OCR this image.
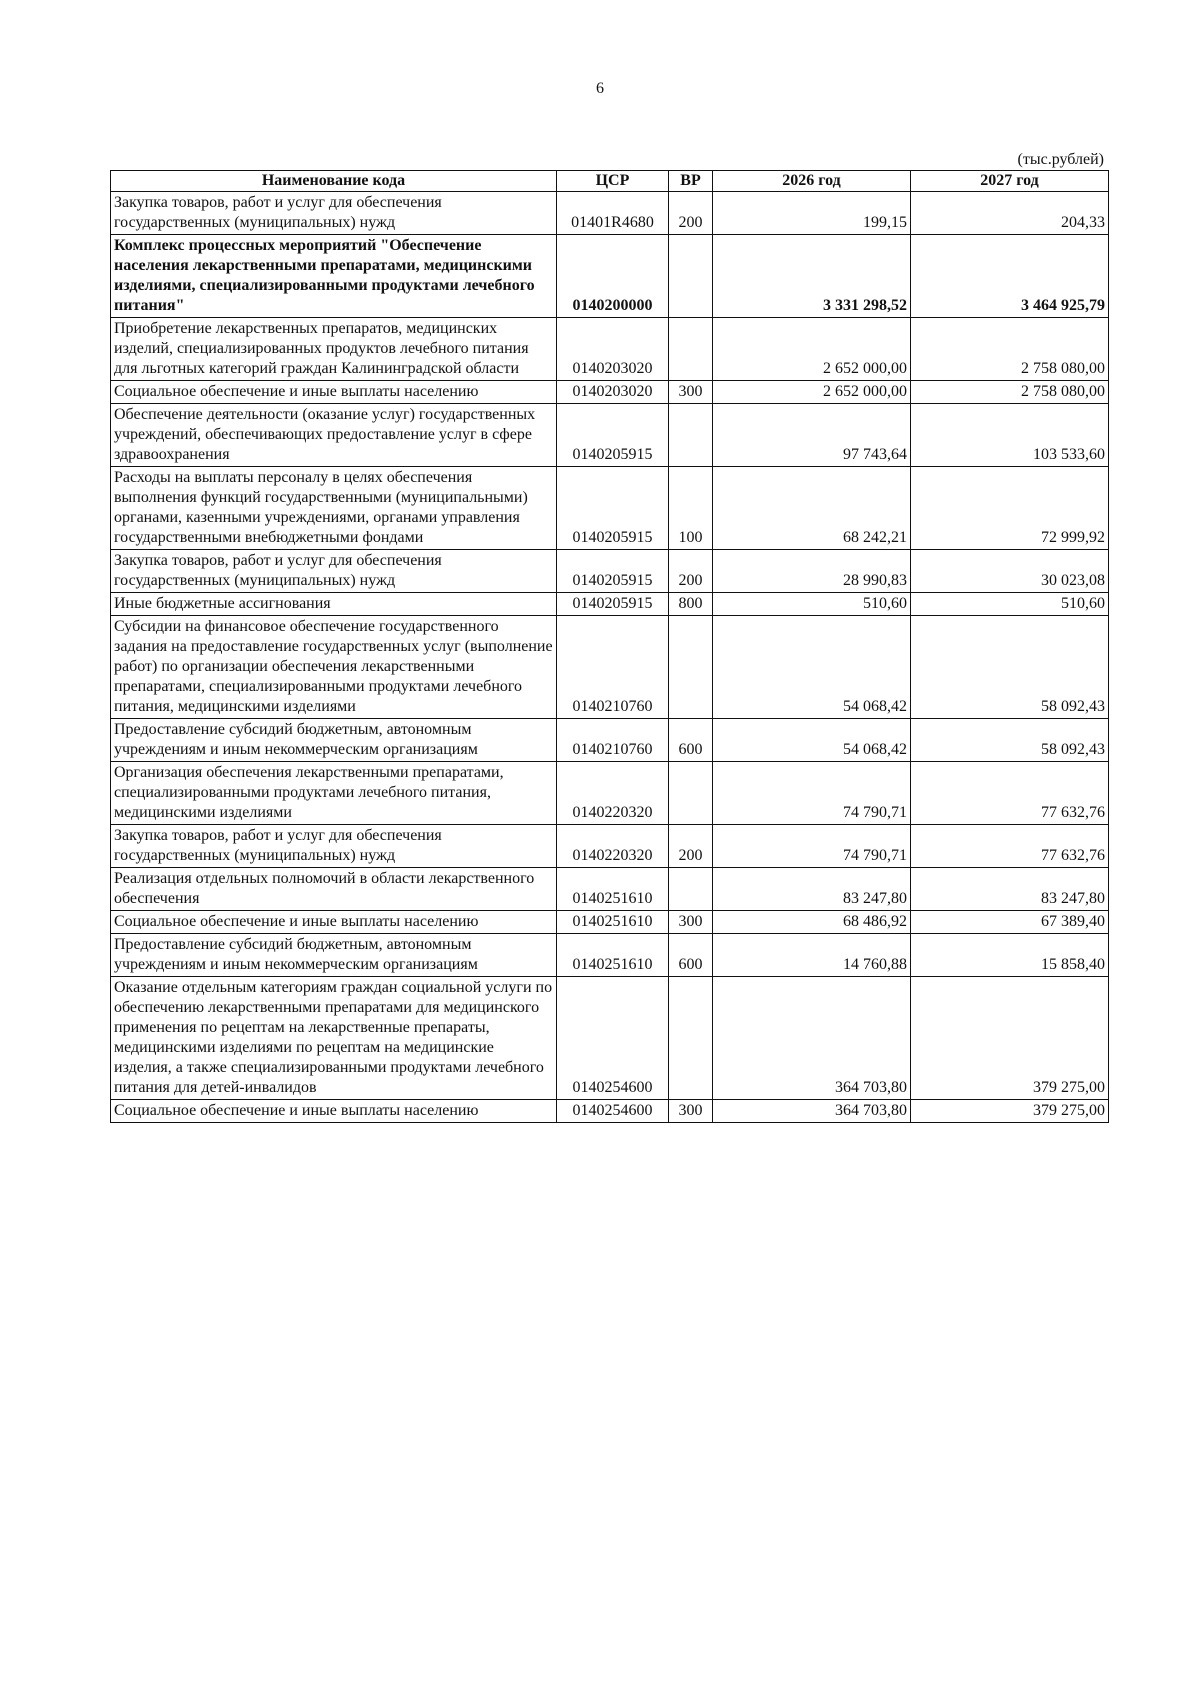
6
(тыс.рублей)
Наименование кода	ЦСР	ВР	2026 год	2027 год
Закупка товаров, работ и услуг для обеспечения государственных (муниципальных) нужд	01401R4680	200	199,15	204,33
Комплекс процессных мероприятий "Обеспечение населения лекарственными препаратами, медицинскими изделиями, специализированными продуктами лечебного питания"	0140200000		3 331 298,52	3 464 925,79
Приобретение лекарственных препаратов, медицинских изделий, специализированных продуктов лечебного питания для льготных категорий граждан Калининградской области	0140203020		2 652 000,00	2 758 080,00
Социальное обеспечение и иные выплаты населению	0140203020	300	2 652 000,00	2 758 080,00
Обеспечение деятельности (оказание услуг) государственных учреждений, обеспечивающих предоставление услуг в сфере здравоохранения	0140205915		97 743,64	103 533,60
Расходы на выплаты персоналу в целях обеспечения выполнения функций государственными (муниципальными) органами, казенными учреждениями, органами управления государственными внебюджетными фондами	0140205915	100	68 242,21	72 999,92
Закупка товаров, работ и услуг для обеспечения государственных (муниципальных) нужд	0140205915	200	28 990,83	30 023,08
Иные бюджетные ассигнования	0140205915	800	510,60	510,60
Субсидии на финансовое обеспечение государственного задания на предоставление государственных услуг (выполнение работ) по организации обеспечения лекарственными препаратами, специализированными продуктами лечебного питания, медицинскими изделиями	0140210760		54 068,42	58 092,43
Предоставление субсидий бюджетным, автономным учреждениям и иным некоммерческим организациям	0140210760	600	54 068,42	58 092,43
Организация обеспечения лекарственными препаратами, специализированными продуктами лечебного питания, медицинскими изделиями	0140220320		74 790,71	77 632,76
Закупка товаров, работ и услуг для обеспечения государственных (муниципальных) нужд	0140220320	200	74 790,71	77 632,76
Реализация отдельных полномочий в области лекарственного обеспечения	0140251610		83 247,80	83 247,80
Социальное обеспечение и иные выплаты населению	0140251610	300	68 486,92	67 389,40
Предоставление субсидий бюджетным, автономным учреждениям и иным некоммерческим организациям	0140251610	600	14 760,88	15 858,40
Оказание отдельным категориям граждан социальной услуги по обеспечению лекарственными препаратами для медицинского применения по рецептам на лекарственные препараты, медицинскими изделиями по рецептам на медицинские изделия, а также специализированными продуктами лечебного питания для детей-инвалидов	0140254600		364 703,80	379 275,00
Социальное обеспечение и иные выплаты населению	0140254600	300	364 703,80	379 275,00
